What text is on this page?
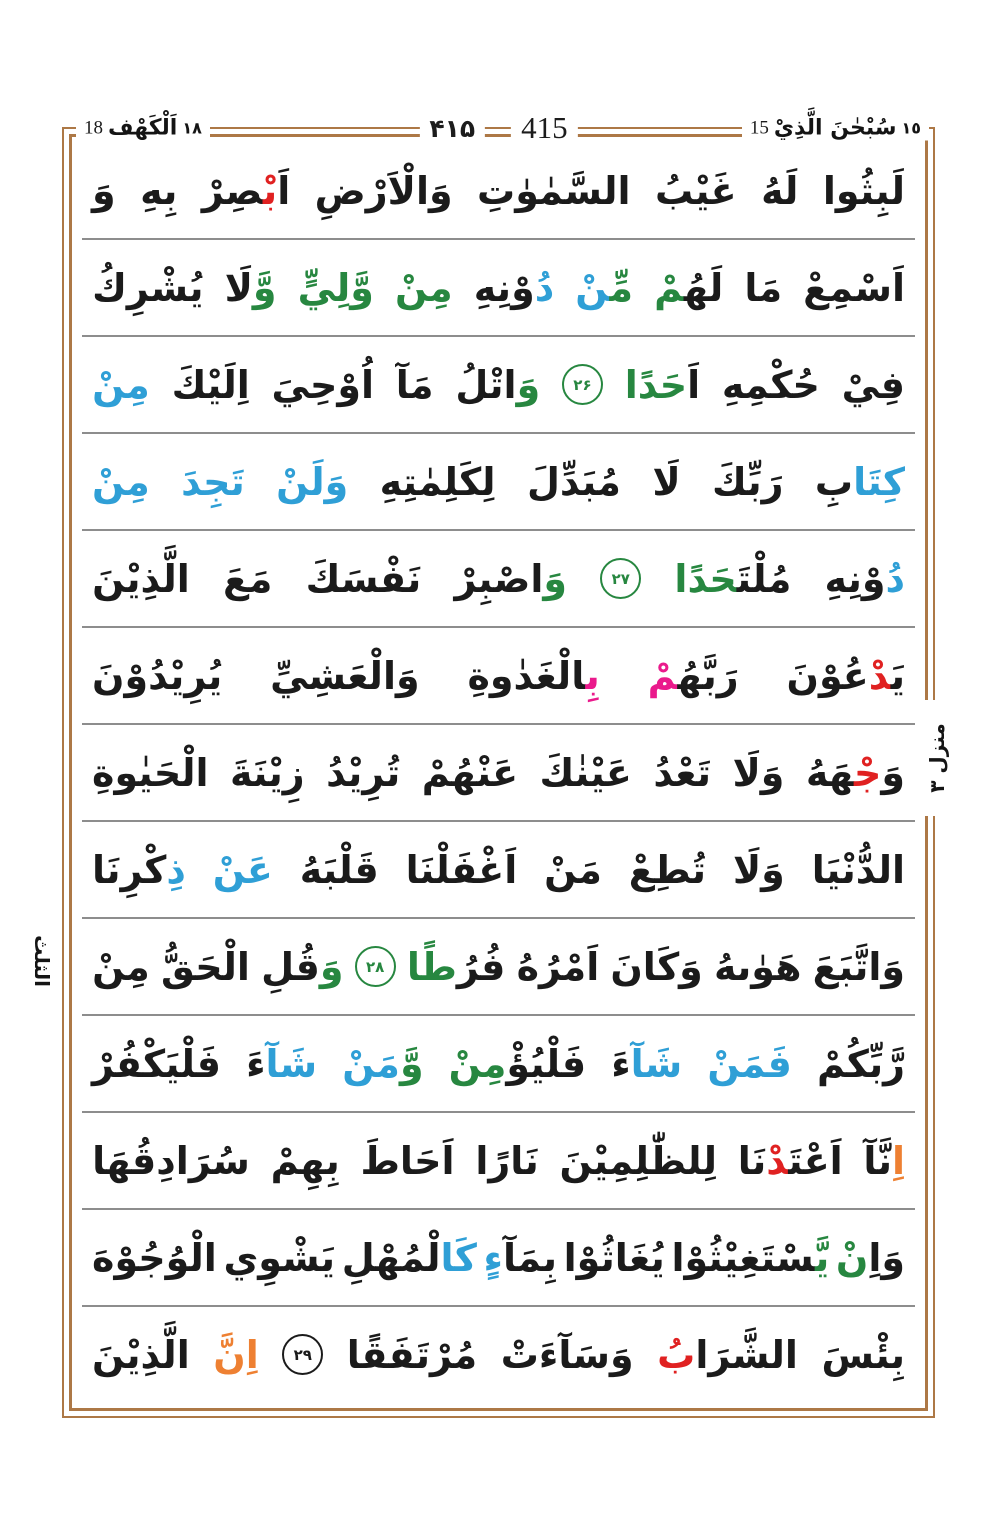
18 اَلْكَهْف ١٨	۴۱۵	415	15 سُبْحٰنَ الَّذِيْ ١٥
لَبِثُوا
لَهُ
غَيْبُ
السَّمٰوٰتِ
وَالْاَرْضِ
اَبْصِرْ
بِهِ
وَ
اَسْمِعْ
مَا
لَهُمْ
مِّنْ
دُوْنِهِ
مِنْ
وَّلِيٍّ
وَّلَا
يُشْرِكُ
فِيْ
حُكْمِهِ
اَحَدًا
۲۶
وَاتْلُ
مَآ
اُوْحِيَ
اِلَيْكَ
مِنْ
كِتَابِ
رَبِّكَ
لَا
مُبَدِّلَ
لِكَلِمٰتِهِ
وَلَنْ
تَجِدَ
مِنْ
دُوْنِهِ
مُلْتَحَدًا
۲۷
وَاصْبِرْ
نَفْسَكَ
مَعَ
الَّذِيْنَ
يَدْعُوْنَ
رَبَّهُمْ
بِالْغَدٰوةِ
وَالْعَشِيِّ
يُرِيْدُوْنَ
وَجْهَهُ
وَلَا
تَعْدُ
عَيْنٰكَ
عَنْهُمْ
تُرِيْدُ
زِيْنَةَ
الْحَيٰوةِ
الدُّنْيَا
وَلَا
تُطِعْ
مَنْ
اَغْفَلْنَا
قَلْبَهُ
عَنْ
ذِكْرِنَا
وَاتَّبَعَ
هَوٰىهُ
وَكَانَ
اَمْرُهُ
فُرُطًا
۲۸
وَقُلِ
الْحَقُّ
مِنْ
رَّبِّكُمْ
فَمَنْ
شَآءَ
فَلْيُؤْمِنْ
وَّمَنْ
شَآءَ
فَلْيَكْفُرْ
اِنَّآ
اَعْتَدْنَا
لِلظّٰلِمِيْنَ
نَارًا
اَحَاطَ
بِهِمْ
سُرَادِقُهَا
وَاِنْ
يَّسْتَغِيْثُوْا
يُغَاثُوْا
بِمَآءٍ
كَالْمُهْلِ
يَشْوِي
الْوُجُوْهَ
بِئْسَ
الشَّرَابُ
وَسَآءَتْ
مُرْتَفَقًا
۲۹
اِنَّ
الَّذِيْنَ
منزل ۳
الثلث
